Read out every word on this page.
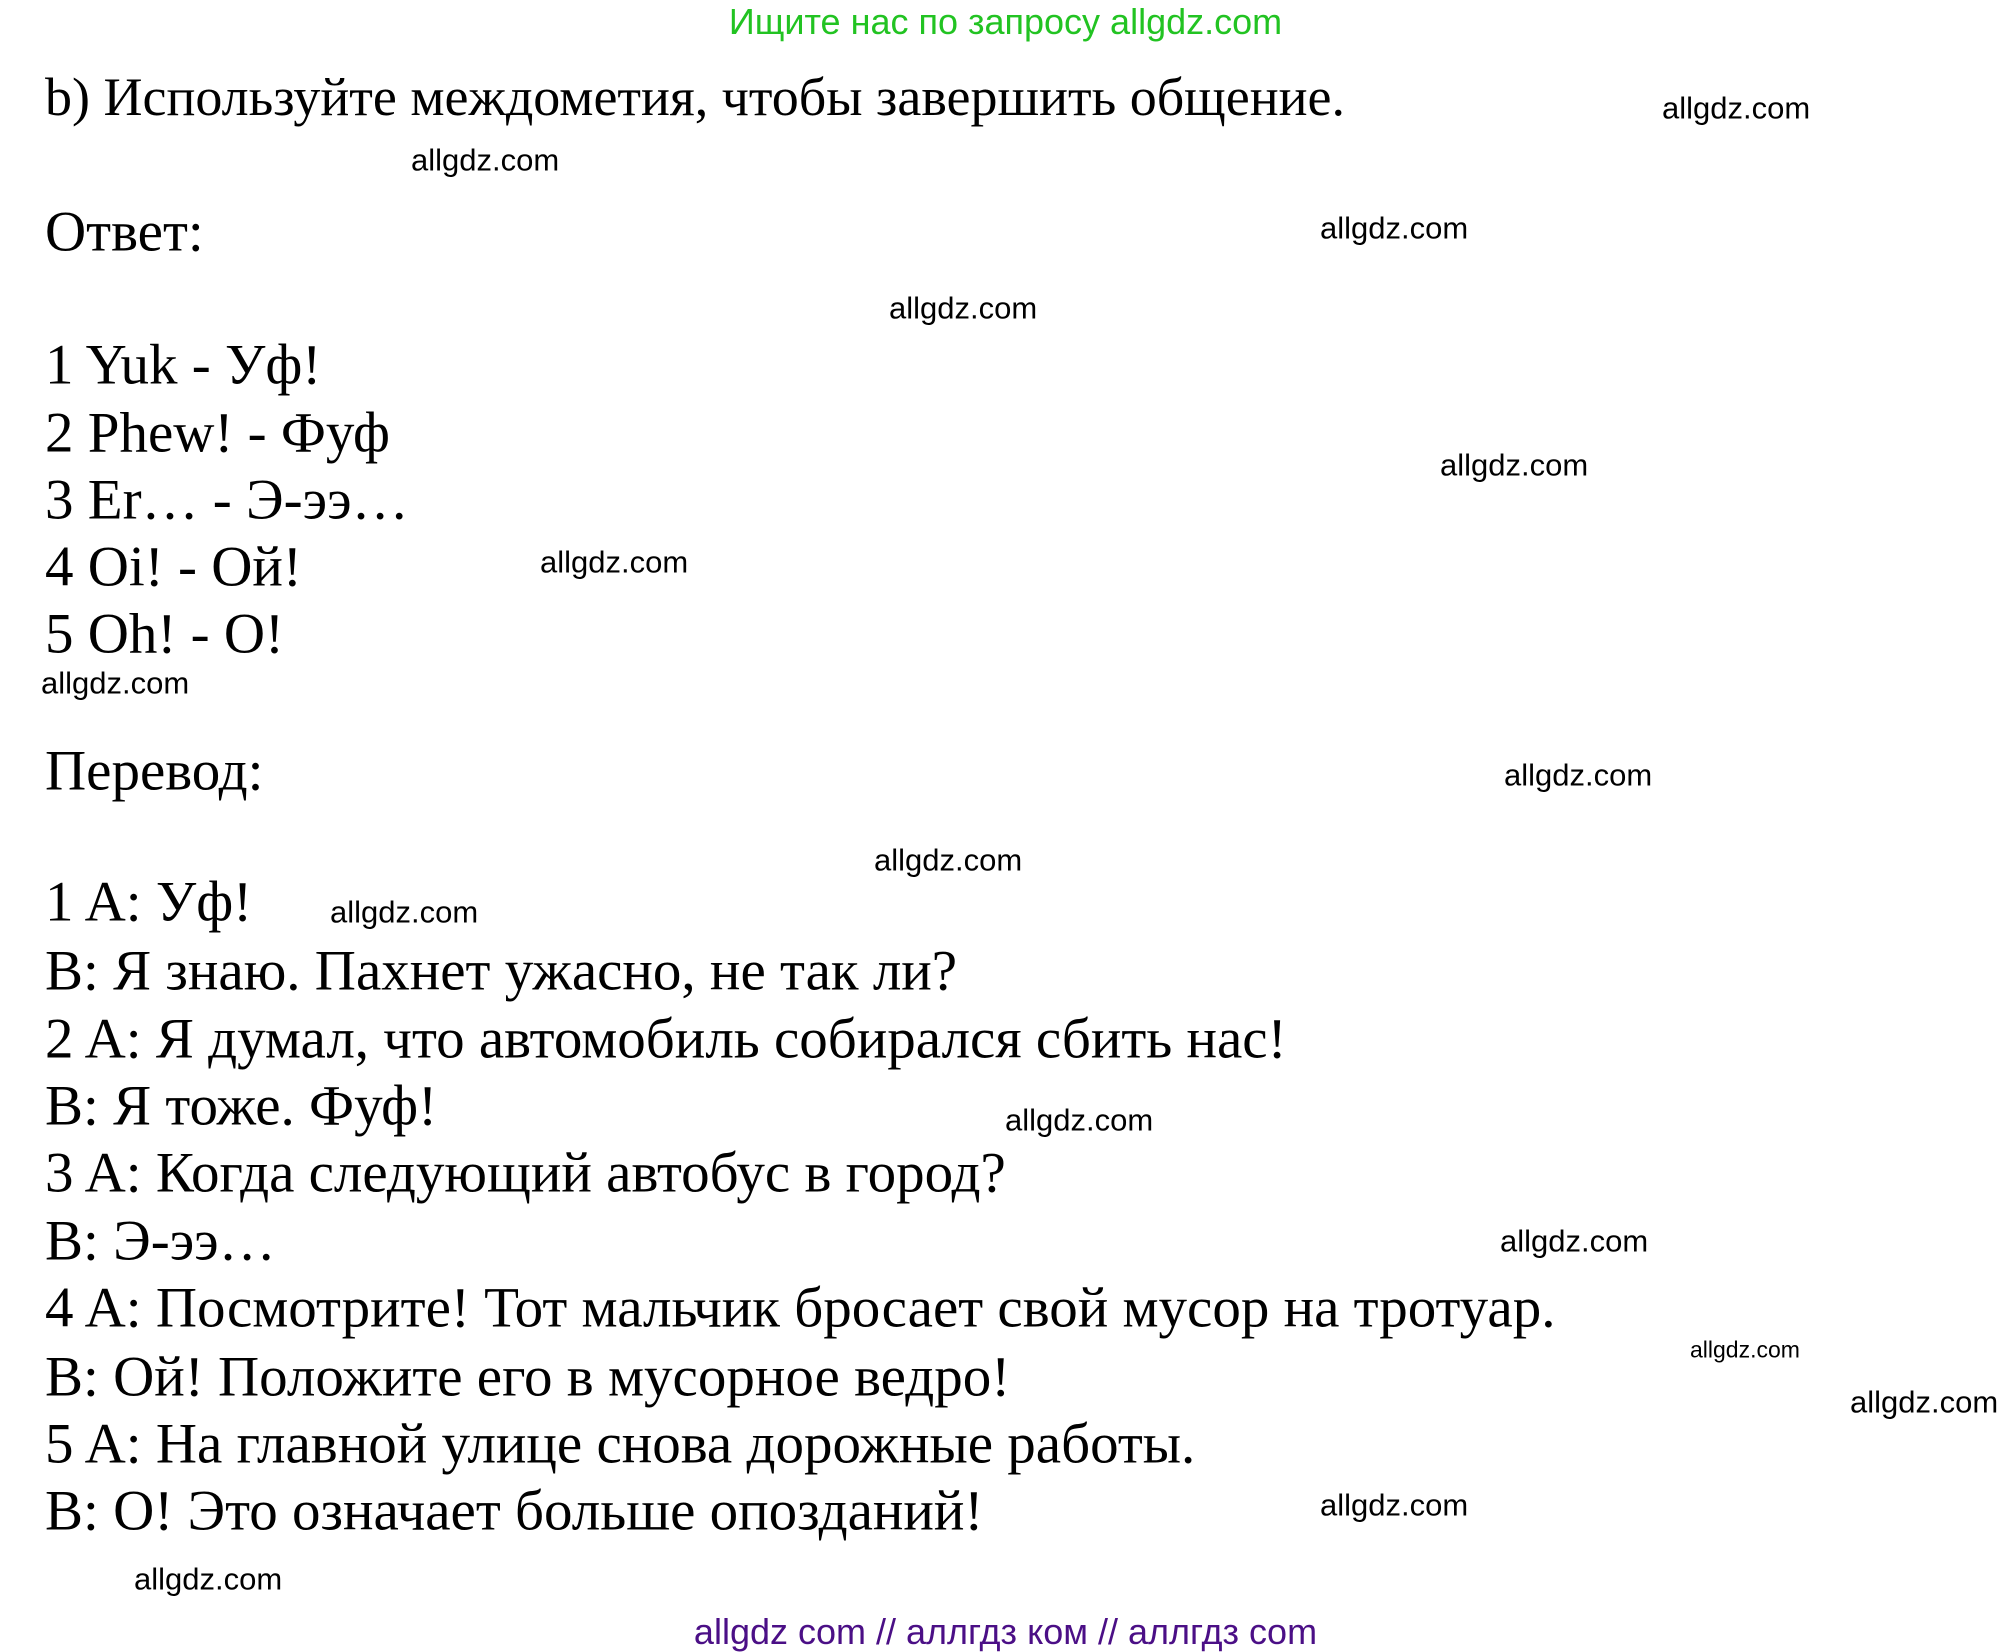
Ищите нас по запросу allgdz.com
b) Используйте междометия, чтобы завершить общение.
Ответ:
1 Yuk - Уф!
2 Phew! - Фуф
3 Er… - Э-ээ…
4 Oi! - Ой!
5 Oh! - О!
Перевод:
1 A: Уф!
B: Я знаю. Пахнет ужасно, не так ли?
2 A: Я думал, что автомобиль собирался сбить нас!
B: Я тоже. Фуф!
3 A: Когда следующий автобус в город?
B: Э-ээ…
4 A: Посмотрите! Тот мальчик бросает свой мусор на тротуар.
B: Ой! Положите его в мусорное ведро!
5 A: На главной улице снова дорожные работы.
B: О! Это означает больше опозданий!
allgdz.com
allgdz.com
allgdz.com
allgdz.com
allgdz.com
allgdz.com
allgdz.com
allgdz.com
allgdz.com
allgdz.com
allgdz.com
allgdz.com
allgdz.com
allgdz.com
allgdz.com
allgdz.com
allgdz com // аллгдз ком // аллгдз com
